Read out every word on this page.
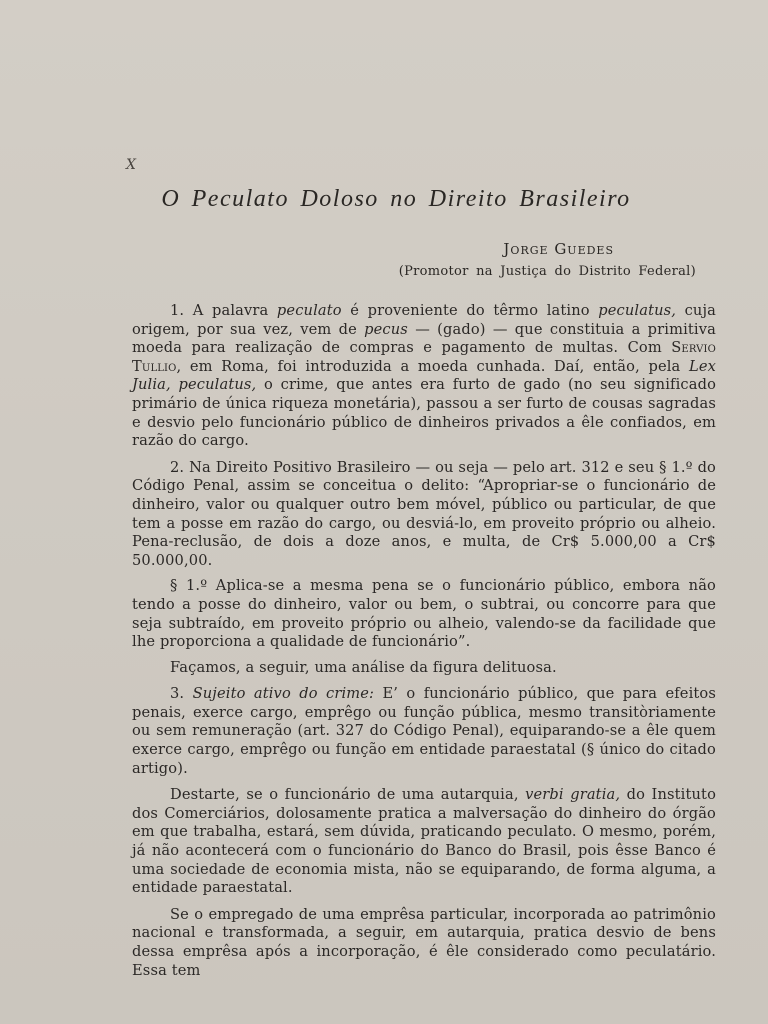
X
O Peculato Doloso no Direito Brasileiro
Jorge Guedes
(Promotor na Justiça do Distrito Federal)

1. A palavra peculato é proveniente do têrmo latino peculatus, cuja origem, por sua vez, vem de pecus — (gado) — que constituia a primitiva moeda para realização de compras e pagamento de multas. Com Servio Tullio, em Roma, foi introduzida a moeda cunhada. Daí, então, pela Lex Julia, peculatus, o crime, que antes era furto de gado (no seu significado primário de única riqueza monetária), passou a ser furto de cousas sagradas e desvio pelo funcionário público de dinheiros privados a êle confiados, em razão do cargo.

2. Na Direito Positivo Brasileiro — ou seja — pelo art. 312 e seu § 1.º do Código Penal, assim se conceitua o delito: “Apropriar-se o funcionário de dinheiro, valor ou qualquer outro bem móvel, público ou particular, de que tem a posse em razão do cargo, ou desviá-lo, em proveito próprio ou alheio. Pena-reclusão, de dois a doze anos, e multa, de Cr$ 5.000,00 a Cr$ 50.000,00.

§ 1.º Aplica-se a mesma pena se o funcionário público, embora não tendo a posse do dinheiro, valor ou bem, o subtrai, ou concorre para que seja subtraído, em proveito próprio ou alheio, valendo-se da facilidade que lhe proporciona a qualidade de funcionário”.

Façamos, a seguir, uma análise da figura delituosa.

3. Sujeito ativo do crime: E’ o funcionário público, que para efeitos penais, exerce cargo, emprêgo ou função pública, mesmo transitòriamente ou sem remuneração (art. 327 do Código Penal), equiparando-se a êle quem exerce cargo, emprêgo ou função em entidade paraestatal (§ único do citado artigo).

Destarte, se o funcionário de uma autarquia, verbi gratia, do Instituto dos Comerciários, dolosamente pratica a malversação do dinheiro do órgão em que trabalha, estará, sem dúvida, praticando peculato. O mesmo, porém, já não acontecerá com o funcionário do Banco do Brasil, pois êsse Banco é uma sociedade de economia mista, não se equiparando, de forma alguma, a entidade paraestatal.

Se o empregado de uma emprêsa particular, incorporada ao patrimônio nacional e transformada, a seguir, em autarquia, pratica desvio de bens dessa emprêsa após a incorporação, é êle considerado como peculatário. Essa tem
